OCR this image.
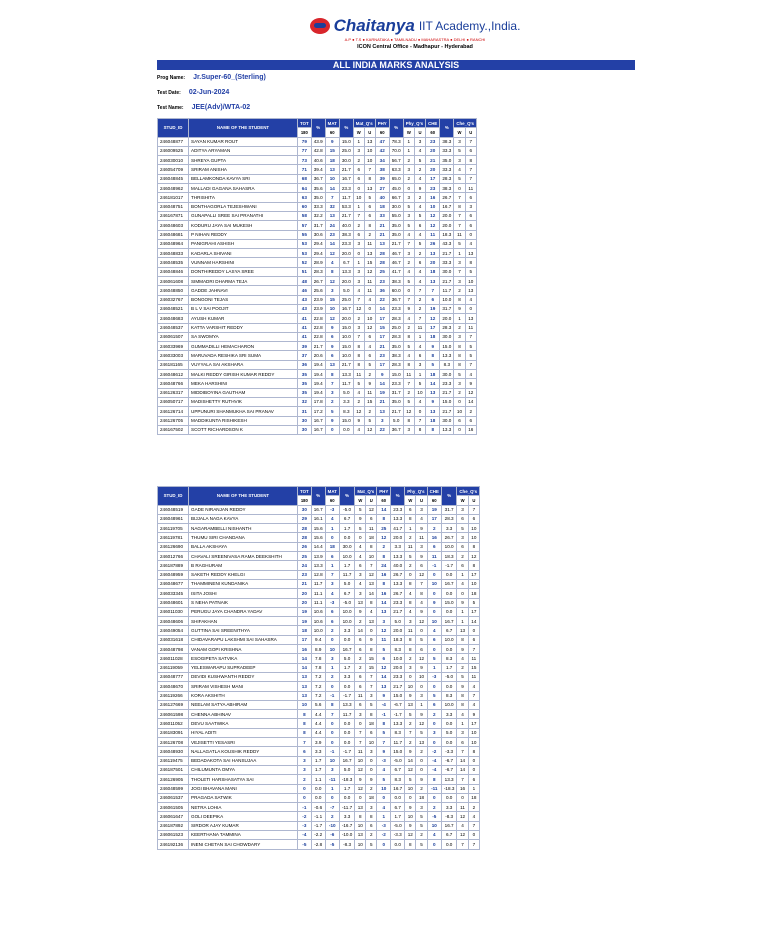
Chaitanya IIT Academy.,India.
A.P ● T.S ● KARNATAKA ● TAMILNADU ● MAHARASTRA ● DELHI ● RANCHI
ICON Central Office - Madhapur - Hyderabad
ALL INDIA MARKS ANALYSIS
Prog Name: Jr.Super-60_(Sterling)
Test Date: 02-Jun-2024
Test Name: JEE(Adv)/WTA-02
STUD_ID	NAME OF THE STUDENT	TOT	%	MAT	%	Mat_Q's		PHY	%	Phy_Q's		CHE	%	Che_Q's	
		180		60		W	U	60		W	U	60		W	U
246048877	SAYAN KUMAR ROUT	79	43.9	9	15.0	1	13	47	78.3	1	3	23	38.3	3	7
246009525	ADITYA ARYAMAN	77	42.8	15	25.0	3	10	42	70.0	1	4	20	33.3	5	6
246030010	SHREYA GUPTA	73	40.6	18	30.0	2	10	34	56.7	2	5	21	35.0	3	8
246054709	SRIRAM ANISHA	71	39.4	13	21.7	6	7	38	63.3	3	2	20	33.3	4	7
246048845	BELLAMKONDA KAVYA SRI	68	36.7	10	16.7	6	8	39	65.0	2	4	17	28.3	5	7
246048962	MALLADI GAGANA SAHASRA	64	35.6	14	23.3	0	13	27	45.0	0	9	23	38.3	0	11
246181017	THRISHITA	63	35.0	7	11.7	10	5	40	66.7	3	2	16	26.7	7	6
246048751	BONTHAGORLA TEJESHWANI	60	33.3	32	53.3	1	6	18	30.0	5	4	10	16.7	8	3
246167871	GUNAPALLI SREE SAI PRANATHI	58	32.2	13	21.7	7	6	33	55.0	3	5	12	20.0	7	6
246048603	KODURU JAYA SAI MUKESH	57	31.7	24	40.0	2	8	21	35.0	5	6	12	20.0	7	6
246048681	P NIHAN REDDY	55	30.6	23	38.3	6	2	21	35.0	4	4	11	18.3	11	0
246048964	PANIGRAHI ASHISH	53	29.4	14	23.3	3	11	13	21.7	7	5	26	43.3	5	4
246048833	KADARLA SHIVANI	53	29.4	12	20.0	0	13	28	46.7	3	2	13	21.7	1	13
246048535	VUNNAM HARSHINI	52	28.9	4	6.7	1	15	28	46.7	2	6	20	33.3	3	8
246048846	DONTHIREDDY LASYA SREE	51	28.3	8	13.3	3	12	25	41.7	4	4	18	30.0	7	5
246061608	SIMMADRI DHARMA TEJA	48	26.7	12	20.0	3	11	23	38.3	5	4	13	21.7	3	10
246048850	GADDE JAHNAVI	46	25.6	3	5.0	4	11	36	60.0	0	7	7	11.7	2	13
246032767	BONGONI TEJAS	43	23.9	15	25.0	7	4	22	36.7	7	2	6	10.0	8	4
246048521	B L V SAI POOJIT	43	23.9	10	16.7	12	0	14	23.3	9	2	19	31.7	9	0
246048683	AYUSH KUMAR	41	22.8	12	20.0	2	10	17	28.3	4	7	12	20.0	1	13
246048537	KATTA VARSHIT REDDY	41	22.8	9	15.0	3	12	15	25.0	2	11	17	28.3	2	11
246061507	SA SWOMYA	41	22.8	6	10.0	7	6	17	28.3	8	1	18	30.0	3	7
246033969	GUMMADILLI HEMACHARON	39	21.7	9	15.0	8	4	21	35.0	5	4	9	15.0	8	5
246033003	MARUVADA RESHIKA SRI SUMA	37	20.6	6	10.0	8	6	23	38.3	4	6	8	13.3	8	5
246181165	VUYYALA SAI AKSHARA	36	19.4	13	21.7	8	5	17	28.3	8	3	5	8.3	8	7
246048612	MALKI REDDY GIRISH KUMAR REDDY	35	19.4	8	13.3	11	2	9	15.0	11	1	18	30.0	5	4
246048766	MEKA HARSHINI	35	19.4	7	11.7	5	9	14	23.3	7	5	14	23.3	3	9
246126317	MIDDIBOYINA GAUTHAM	35	19.4	3	5.0	4	11	19	31.7	2	10	13	21.7	2	12
246050717	MADISHETTY RUTHVIK	32	17.8	2	3.3	2	15	21	35.0	5	4	9	15.0	0	14
246126714	UPPUNURI SHANMUKHA SAI PRANAV	31	17.2	5	8.3	12	2	13	21.7	12	0	13	21.7	10	2
246126705	MADDIKUNTA RISHIKESH	30	16.7	9	15.0	9	5	3	5.0	8	7	18	30.0	6	6
246167502	SCOTT RICHARDSON K	30	16.7	0	0.0	4	12	22	36.7	3	8	8	13.3	0	16
STUD_ID	NAME OF THE STUDENT	TOT	%	MAT	%	Mat_Q's		PHY	%	Phy_Q's		CHE	%	Che_Q's	
		180		60		W	U	60		W	U	60		W	U
246048519	GADE NIRANJAN REDDY	30	16.7	-3	-5.0	5	12	14	23.3	6	3	19	31.7	3	7
246048961	BIJJALA NAGA KAVYA	29	16.1	4	6.7	9	6	8	13.3	8	4	17	28.3	6	6
246119705	NAGARAMBELLI NISHANTH	28	15.6	1	1.7	5	11	25	41.7	1	9	2	3.3	5	10
246119781	THUMU SIRI CHANDANA	28	15.6	0	0.0	0	18	12	20.0	2	11	16	26.7	3	10
246126690	BALLA AKSHAYA	26	14.4	18	30.0	4	8	2	3.3	11	3	6	10.0	6	8
246012766	CHAVALI SREENIVASA RAMA DEEKSHITH	25	13.9	6	10.0	4	10	8	13.3	5	9	11	18.3	2	12
246187889	B RAGHURAM	24	13.3	1	1.7	6	7	24	40.0	2	6	-1	-1.7	6	8
246048959	SAKETH REDDY KHELGI	23	12.8	7	11.7	3	12	16	26.7	0	12	0	0.0	1	17
246048677	THAMMINENI KUNDANIKA	21	11.7	3	5.0	4	13	8	13.3	8	7	10	16.7	4	10
246033345	ISITA JOSHI	20	11.1	4	6.7	3	14	16	26.7	4	8	0	0.0	0	18
246048601	S NEHA PATNAIK	20	11.1	-3	-5.0	13	8	14	23.3	8	4	9	15.0	9	5
246011030	PERUGU JAYA CHANDRA YADAV	19	10.6	6	10.0	9	4	13	21.7	4	9	0	0.0	1	17
246048606	SHIFAKHAN	19	10.6	6	10.0	2	13	3	5.0	3	12	10	16.7	1	14
246049054	GUTTINA SAI SREENITHYA	18	10.0	2	3.3	14	0	12	20.0	11	0	4	6.7	13	0
246031618	CHIDAVARAPU LAKSHMI SAI SAHASRA	17	9.4	0	0.0	6	9	11	18.3	8	5	6	10.0	8	6
246048798	VANAM GOPI KRISHNA	16	8.9	10	16.7	6	8	5	8.3	8	6	0	0.0	9	7
246011028	ESOGIPETA SATVIKA	14	7.8	3	5.0	2	15	6	10.0	2	12	5	8.3	4	11
246119059	YELESWARAPU SUPRADEEP	14	7.8	1	1.7	2	15	12	20.0	3	9	1	1.7	2	15
246048777	DEVIDI KUSHWANTH REDDY	13	7.2	2	3.3	6	7	14	23.3	0	10	-3	-5.0	5	11
246048670	SRIRAM VISHESH MANI	13	7.2	0	0.0	6	7	13	21.7	10	0	0	0.0	9	4
246119266	KORA AKSHITH	13	7.2	-1	-1.7	11	3	9	15.0	9	3	5	8.3	8	7
246127669	NEELAM SATYA ABHIRAM	10	5.6	8	13.3	6	5	-4	-6.7	13	1	6	10.0	8	4
246061598	CHENNA ABHINAV	8	4.4	7	11.7	3	8	-1	-1.7	5	9	2	3.3	4	9
246011052	DEVU SAATWIKA	8	4.4	0	0.0	0	18	8	13.3	2	12	0	0.0	1	17
246183091	HIYAL ADITI	8	4.4	0	0.0	7	6	5	8.3	7	5	3	5.0	3	10
246126708	VEJISETTI YESASRI	7	3.9	0	0.0	7	10	7	11.7	2	13	0	0.0	6	10
246048930	NALLAGATLA KOUSHIK REDDY	6	3.3	-1	-1.7	11	3	9	15.0	9	2	-2	-3.3	7	8
246119475	BEDADAKOTA SAI HANSUJAA	3	1.7	10	16.7	10	0	-3	-5.0	14	0	-4	-6.7	14	0
246187501	CHILUMUNTA OMYA	3	1.7	3	5.0	12	0	4	6.7	12	0	-4	-6.7	14	0
246126905	THOLETI HARSHASATYA SAI	2	1.1	-11	-18.3	9	9	5	8.3	5	9	8	13.3	7	6
246048599	JOGI BHAVANA MANI	0	0.0	1	1.7	12	2	10	16.7	10	2	-11	-18.3	16	1
246061537	PRAGADA SATWIK	0	0.0	0	0.0	0	18	0	0.0	0	18	0	0.0	0	18
246061505	NETRA LOHIA	-1	-0.6	-7	-11.7	13	3	4	6.7	9	3	2	3.3	11	2
246061647	GOLI DEEPIKA	-2	-1.1	2	3.3	8	8	1	1.7	10	5	-5	-8.3	12	4
246187892	SIRDOR AJAY KUMAR	-3	-1.7	-10	-16.7	10	6	-3	-5.0	9	5	10	16.7	4	7
246061523	KEERTHANA TAMMINA	-4	-2.2	-6	-10.0	13	2	-2	-3.3	12	2	4	6.7	12	0
246192136	INENI CHETAN SAI CHOWDARY	-5	-2.8	-5	-8.3	10	5	0	0.0	8	5	0	0.0	7	7
